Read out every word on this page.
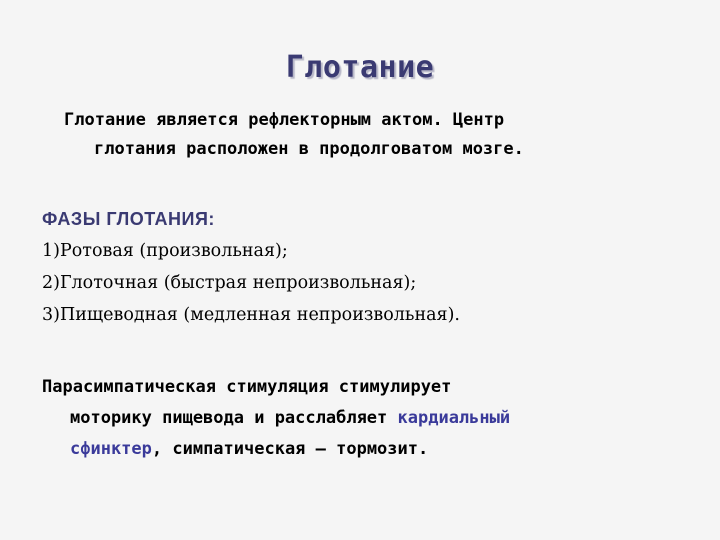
Глотание
Глотание является рефлекторным актом. Центр
глотания расположен в продолговатом мозге.
ФАЗЫ ГЛОТАНИЯ:
1)Ротовая (произвольная);
2)Глоточная (быстрая непроизвольная);
3)Пищеводная (медленная непроизвольная).
Парасимпатическая стимуляция стимулирует
моторику пищевода и расслабляет кардиальный
сфинктер, симпатическая – тормозит.
